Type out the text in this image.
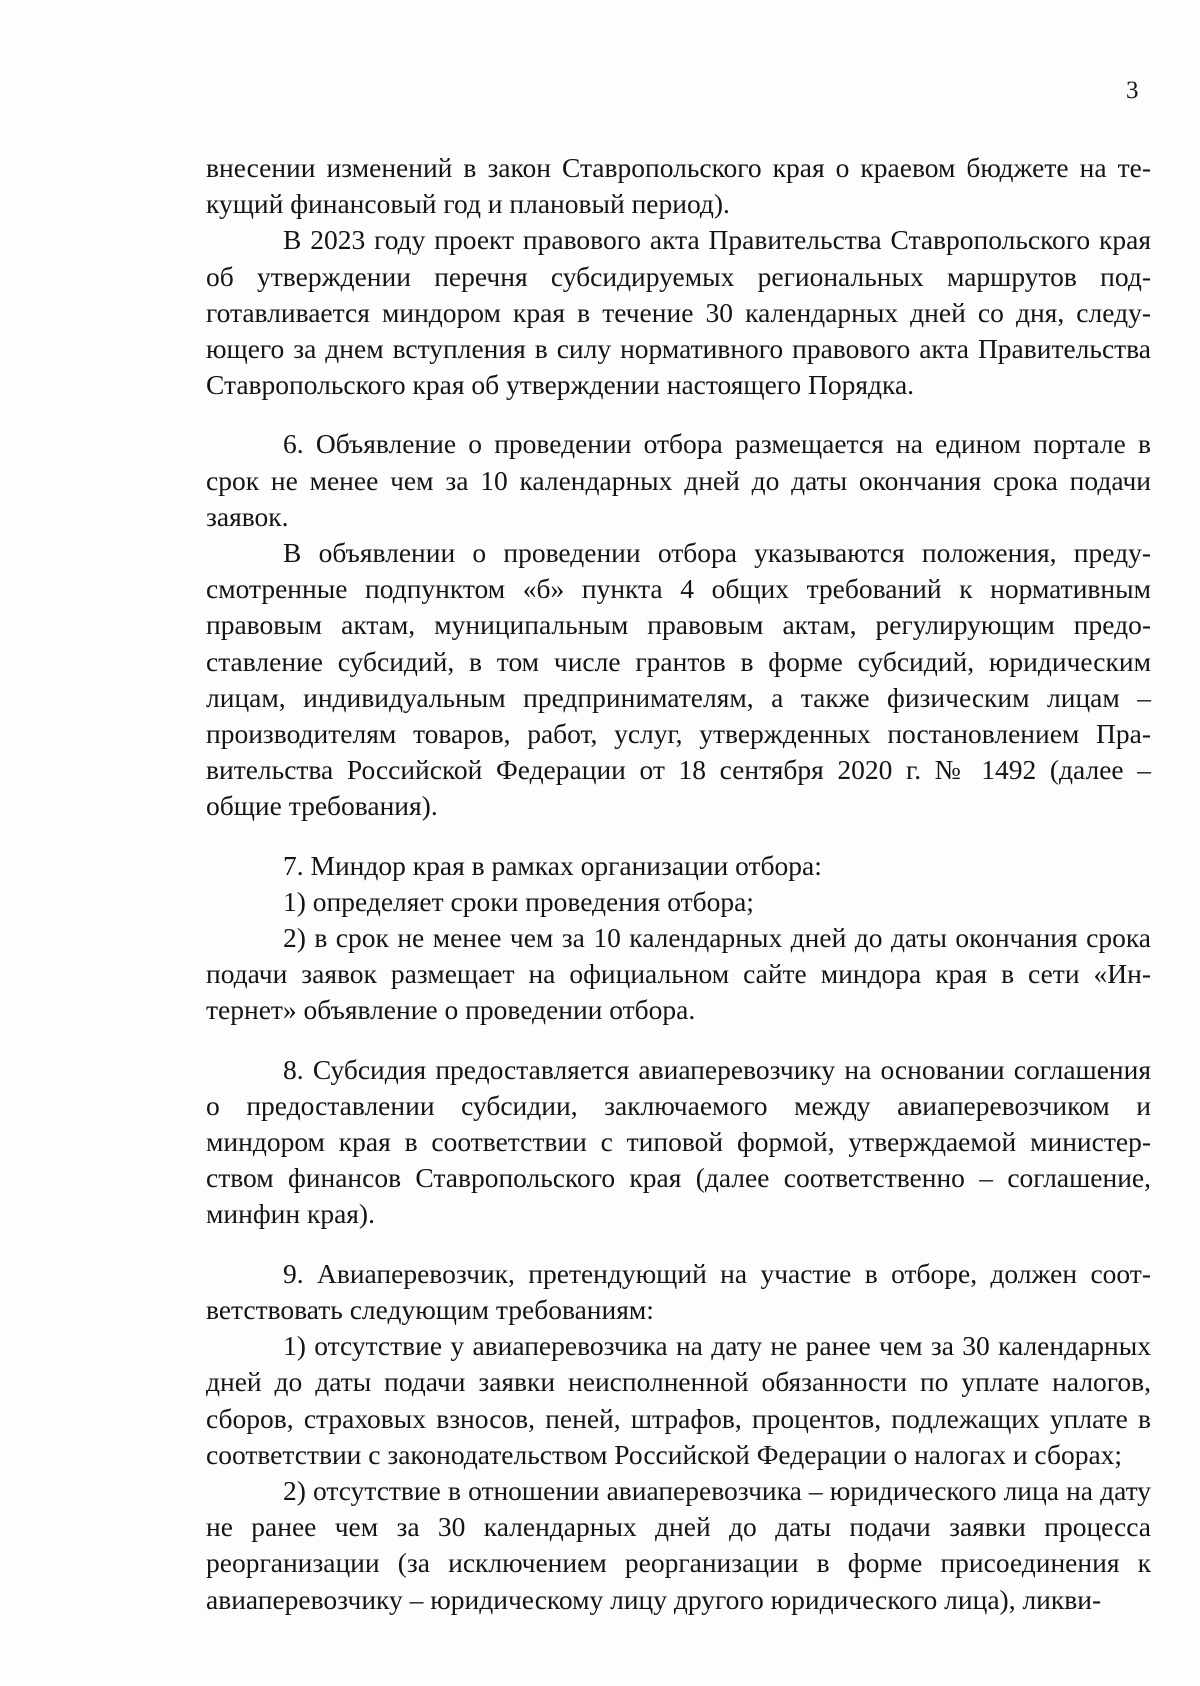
3

внесении изменений в закон Ставропольского края о краевом бюджете на текущий финансовый год и плановый период).

В 2023 году проект правового акта Правительства Ставропольского края об утверждении перечня субсидируемых региональных маршрутов подготавливается миндором края в течение 30 календарных дней со дня, следующего за днем вступления в силу нормативного правового акта Правительства Ставропольского края об утверждении настоящего Порядка.

6. Объявление о проведении отбора размещается на едином портале в срок не менее чем за 10 календарных дней до даты окончания срока подачи заявок.

В объявлении о проведении отбора указываются положения, предусмотренные подпунктом «б» пункта 4 общих требований к нормативным правовым актам, муниципальным правовым актам, регулирующим предоставление субсидий, в том числе грантов в форме субсидий, юридическим лицам, индивидуальным предпринимателям, а также физическим лицам – производителям товаров, работ, услуг, утвержденных постановлением Правительства Российской Федерации от 18 сентября 2020 г. № 1492 (далее – общие требования).

7. Миндор края в рамках организации отбора:

1) определяет сроки проведения отбора;

2) в срок не менее чем за 10 календарных дней до даты окончания срока подачи заявок размещает на официальном сайте миндора края в сети «Интернет» объявление о проведении отбора.

8. Субсидия предоставляется авиаперевозчику на основании соглашения о предоставлении субсидии, заключаемого между авиаперевозчиком и миндором края в соответствии с типовой формой, утверждаемой министерством финансов Ставропольского края (далее соответственно – соглашение, минфин края).

9. Авиаперевозчик, претендующий на участие в отборе, должен соответствовать следующим требованиям:

1) отсутствие у авиаперевозчика на дату не ранее чем за 30 календарных дней до даты подачи заявки неисполненной обязанности по уплате налогов, сборов, страховых взносов, пеней, штрафов, процентов, подлежащих уплате в соответствии с законодательством Российской Федерации о налогах и сборах;

2) отсутствие в отношении авиаперевозчика – юридического лица на дату не ранее чем за 30 календарных дней до даты подачи заявки процесса реорганизации (за исключением реорганизации в форме присоединения к авиаперевозчику – юридическому лицу другого юридического лица), ликви-
